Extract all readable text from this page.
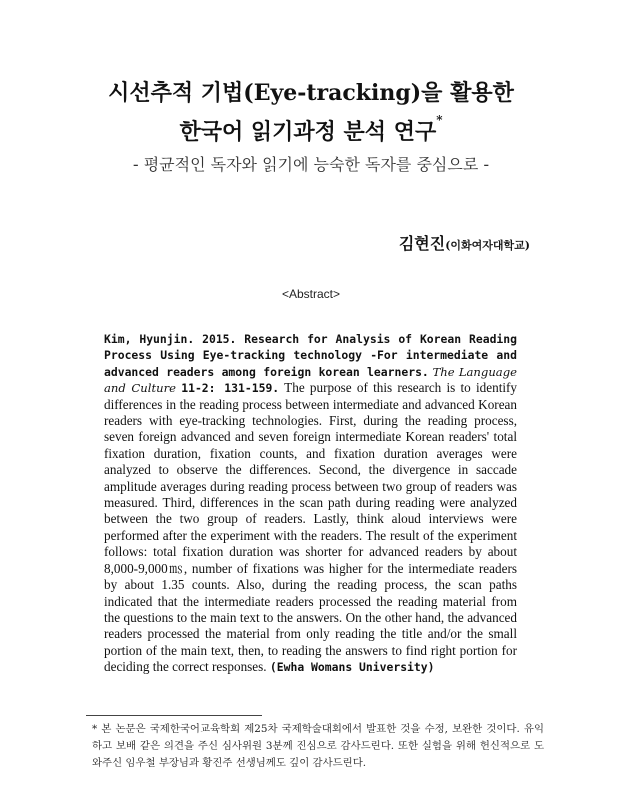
시선추적 기법(Eye-tracking)을 활용한
한국어 읽기과정 분석 연구*
- 평균적인 독자와 읽기에 능숙한 독자를 중심으로 -
김현진(이화여자대학교)
<Abstract>
Kim, Hyunjin. 2015. Research for Analysis of Korean Reading Process Using Eye-tracking technology -For intermediate and advanced readers among foreign korean learners. The Language and Culture 11-2: 131-159. The purpose of this research is to identify differences in the reading process between intermediate and advanced Korean readers with eye-tracking technologies. First, during the reading process, seven foreign advanced and seven foreign intermediate Korean readers' total fixation duration, fixation counts, and fixation duration averages were analyzed to observe the differences. Second, the divergence in saccade amplitude averages during reading process between two group of readers was measured. Third, differences in the scan path during reading were analyzed between the two group of readers. Lastly, think aloud interviews were performed after the experiment with the readers. The result of the experiment follows: total fixation duration was shorter for advanced readers by about 8,000-9,000㎳, number of fixations was higher for the intermediate readers by about 1.35 counts. Also, during the reading process, the scan paths indicated that the intermediate readers processed the reading material from the questions to the main text to the answers. On the other hand, the advanced readers processed the material from only reading the title and/or the small portion of the main text, then, to reading the answers to find right portion for deciding the correct responses. (Ewha Womans University)
* 본 논문은 국제한국어교육학회 제25차 국제학술대회에서 발표한 것을 수정, 보완한 것이다. 유익하고 보배 같은 의견을 주신 심사위원 3분께 진심으로 감사드린다. 또한 실험을 위해 헌신적으로 도와주신 임우철 부장님과 황진주 선생님께도 깊이 감사드린다.
